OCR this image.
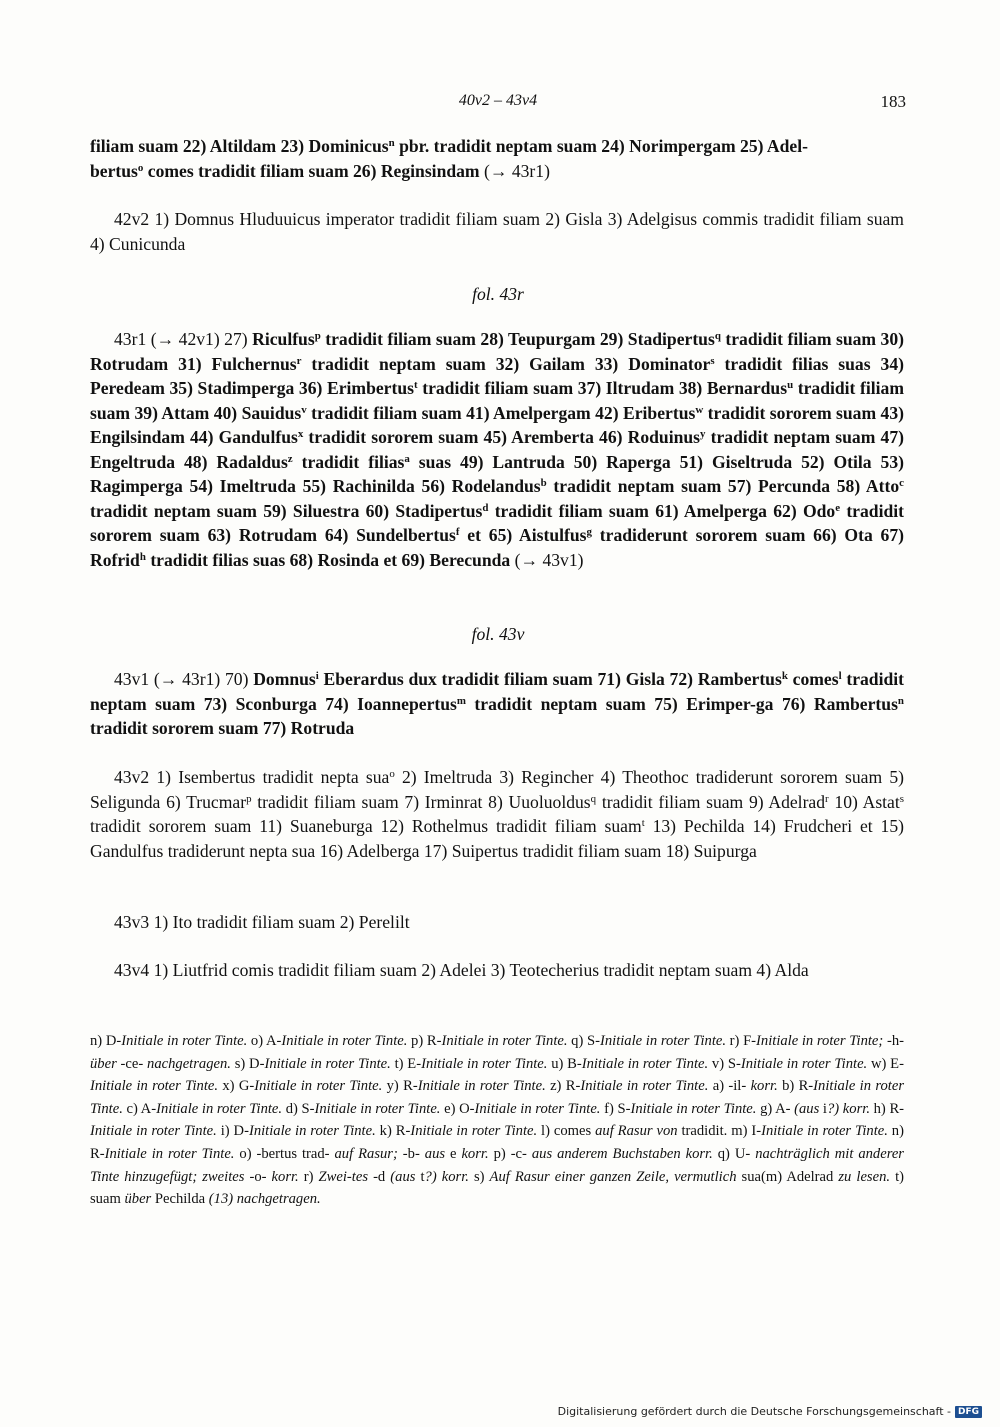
40v2 – 43v4	183
filiam suam 22) Altildam 23) Dominicus$^n$ pbr. tradidit neptam suam 24) Norimpergam 25) Adel-
bertus$^o$ comes tradidit filiam suam 26) Reginsindam (→ 43r1)
42v2 1) Domnus Hluduuicus imperator tradidit filiam suam 2) Gisla 3) Adelgisus commis tradidit filiam suam 4) Cunicunda
fol. 43r
43r1 (→ 42v1) 27) Riculfus$^p$ tradidit filiam suam 28) Teupurgam 29) Stadipertus$^q$ tradidit filiam suam 30) Rotrudam 31) Fulchernus$^r$ tradidit neptam suam 32) Gailam 33) Dominator$^s$ tradidit filias suas 34) Peredeam 35) Stadimperga 36) Erimbertus$^t$ tradidit filiam suam 37) Iltrudam 38) Bernardus$^u$ tradidit filiam suam 39) Attam 40) Sauidus$^v$ tradidit filiam suam 41) Amelpergam 42) Eribertus$^w$ tradidit sororem suam 43) Engilsindam 44) Gandulfus$^x$ tradidit sororem suam 45) Aremberta 46) Roduinus$^y$ tradidit neptam suam 47) Engeltruda 48) Radaldus$^z$ tradidit filias$^a$ suas 49) Lantruda 50) Raperga 51) Giseltruda 52) Otila 53) Ragimperga 54) Imeltruda 55) Rachinilda 56) Rodelandus$^b$ tradidit neptam suam 57) Percunda 58) Atto$^c$ tradidit neptam suam 59) Siluestra 60) Stadipertus$^d$ tradidit filiam suam 61) Amelperga 62) Odo$^e$ tradidit sororem suam 63) Rotrudam 64) Sundelbertus$^f$ et 65) Aistulfus$^g$ tradiderunt sororem suam 66) Ota 67) Rofrid$^h$ tradidit filias suas 68) Rosinda et 69) Berecunda (→ 43v1)
fol. 43v
43v1 (→ 43r1) 70) Domnus$^i$ Eberardus dux tradidit filiam suam 71) Gisla 72) Rambertus$^k$ comes$^l$ tradidit neptam suam 73) Sconburga 74) Ioannepertus$^m$ tradidit neptam suam 75) Erimper-ga 76) Rambertus$^n$ tradidit sororem suam 77) Rotruda
43v2 1) Isembertus tradidit nepta sua$^o$ 2) Imeltruda 3) Regincher 4) Theothoc tradiderunt sororem suam 5) Seligunda 6) Trucmar$^p$ tradidit filiam suam 7) Irminrat 8) Uuoluoldus$^q$ tradidit filiam suam 9) Adelrad$^r$ 10) Astat$^s$ tradidit sororem suam 11) Suaneburga 12) Rothelmus tradidit filiam suam$^t$ 13) Pechilda 14) Frudcheri et 15) Gandulfus tradiderunt nepta sua 16) Adelberga 17) Suipertus tradidit filiam suam 18) Suipurga
43v3 1) Ito tradidit filiam suam 2) Perelilt
43v4 1) Liutfrid comis tradidit filiam suam 2) Adelei 3) Teotecherius tradidit neptam suam 4) Alda
n) D-Initiale in roter Tinte. o) A-Initiale in roter Tinte. p) R-Initiale in roter Tinte. q) S-Initiale in roter Tinte. r) F-Initiale in roter Tinte; -h- über -ce- nachgetragen. s) D-Initiale in roter Tinte. t) E-Initiale in roter Tinte. u) B-Initiale in roter Tinte. v) S-Initiale in roter Tinte. w) E-Initiale in roter Tinte. x) G-Initiale in roter Tinte. y) R-Initiale in roter Tinte. z) R-Initiale in roter Tinte. a) -il- korr. b) R-Initiale in roter Tinte. c) A-Initiale in roter Tinte. d) S-Initiale in roter Tinte. e) O-Initiale in roter Tinte. f) S-Initiale in roter Tinte. g) A- (aus i?) korr. h) R-Initiale in roter Tinte. i) D-Initiale in roter Tinte. k) R-Initiale in roter Tinte. l) comes auf Rasur von tradidit. m) I-Initiale in roter Tinte. n) R-Initiale in roter Tinte. o) -bertus trad- auf Rasur; -b- aus e korr. p) -c- aus anderem Buchstaben korr. q) U- nachträglich mit anderer Tinte hinzugefügt; zweites -o- korr. r) Zwei-tes -d (aus t?) korr. s) Auf Rasur einer ganzen Zeile, vermutlich sua(m) Adelrad zu lesen. t) suam über Pechilda (13) nachgetragen.
Digitalisierung gefördert durch die Deutsche Forschungsgemeinschaft - DFG
